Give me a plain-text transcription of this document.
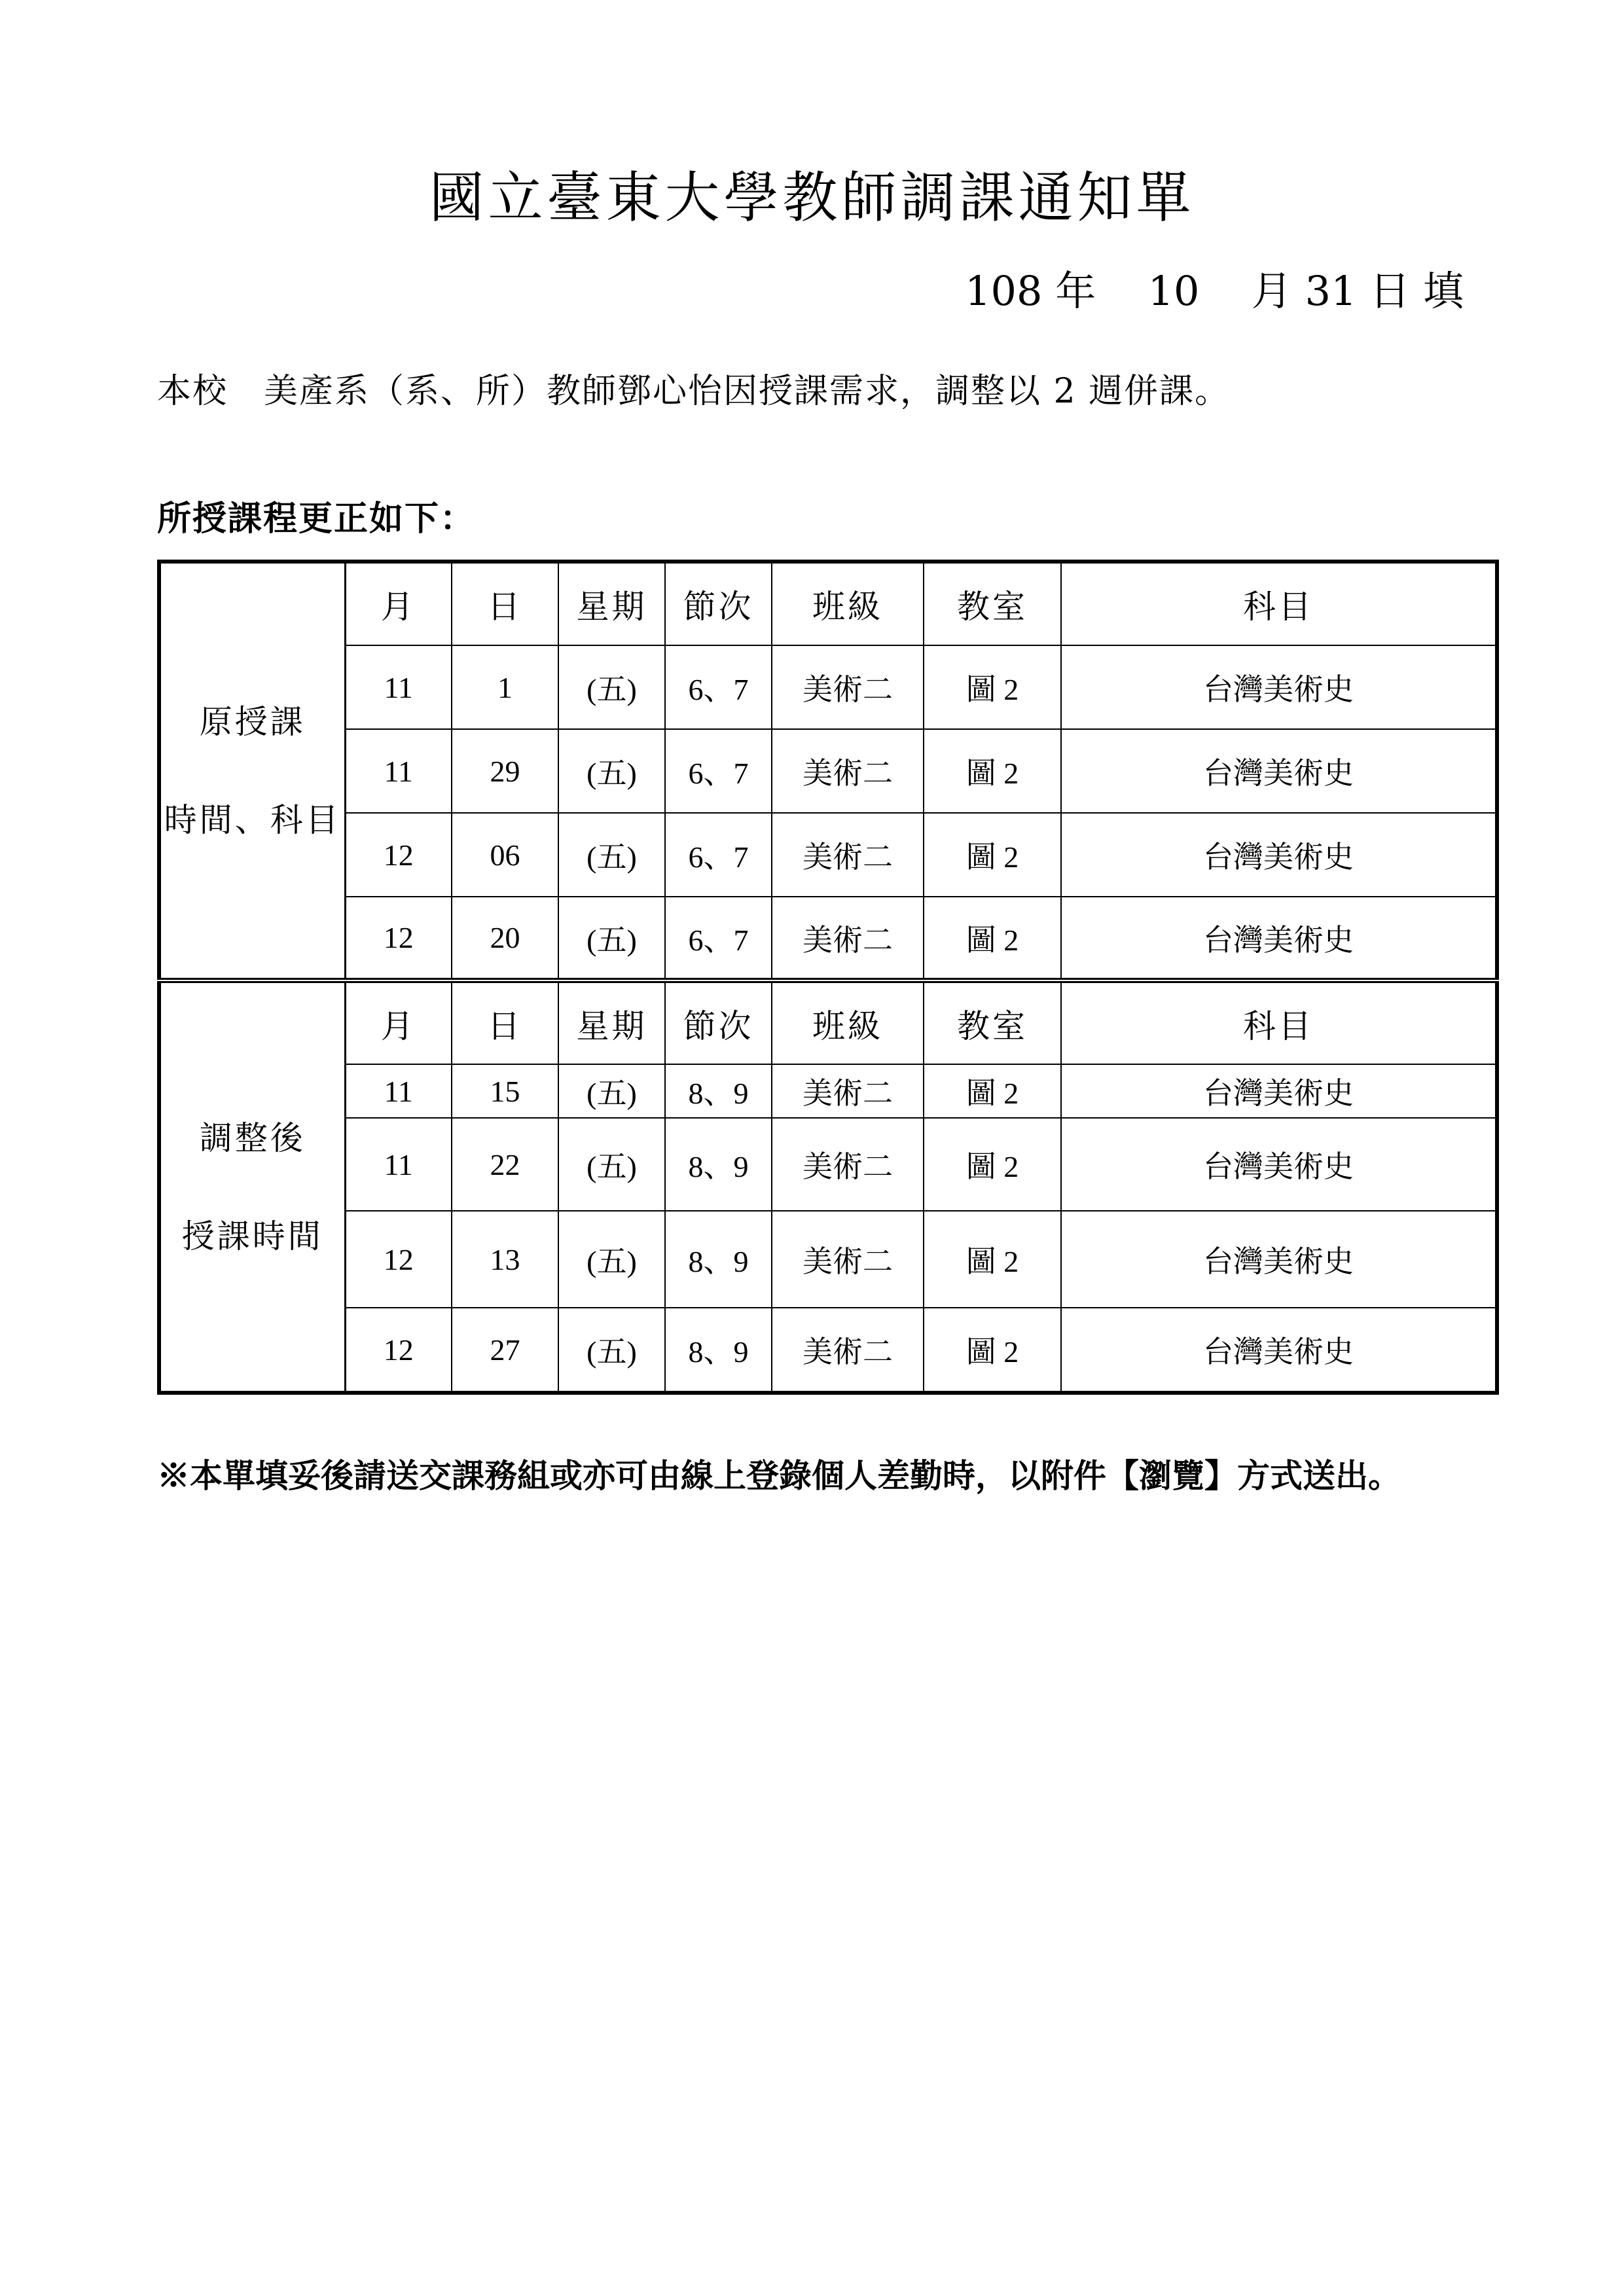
國立臺東大學教師調課通知單
108 年 10 月 31 日 填
本校 美產系（系、所）教師鄧心怡因授課需求，調整以 2 週併課。
所授課程更正如下：
原授課
時間、科目	月	日	星期	節次	班級	教室	科目
	11	1	(五)	6、7	美術二	圖 2	台灣美術史
	11	29	(五)	6、7	美術二	圖 2	台灣美術史
	12	06	(五)	6、7	美術二	圖 2	台灣美術史
	12	20	(五)	6、7	美術二	圖 2	台灣美術史

調整後
授課時間	月	日	星期	節次	班級	教室	科目
	11	15	(五)	8、9	美術二	圖 2	台灣美術史
	11	22	(五)	8、9	美術二	圖 2	台灣美術史
	12	13	(五)	8、9	美術二	圖 2	台灣美術史
	12	27	(五)	8、9	美術二	圖 2	台灣美術史
※本單填妥後請送交課務組或亦可由線上登錄個人差勤時，以附件【瀏覽】方式送出。
